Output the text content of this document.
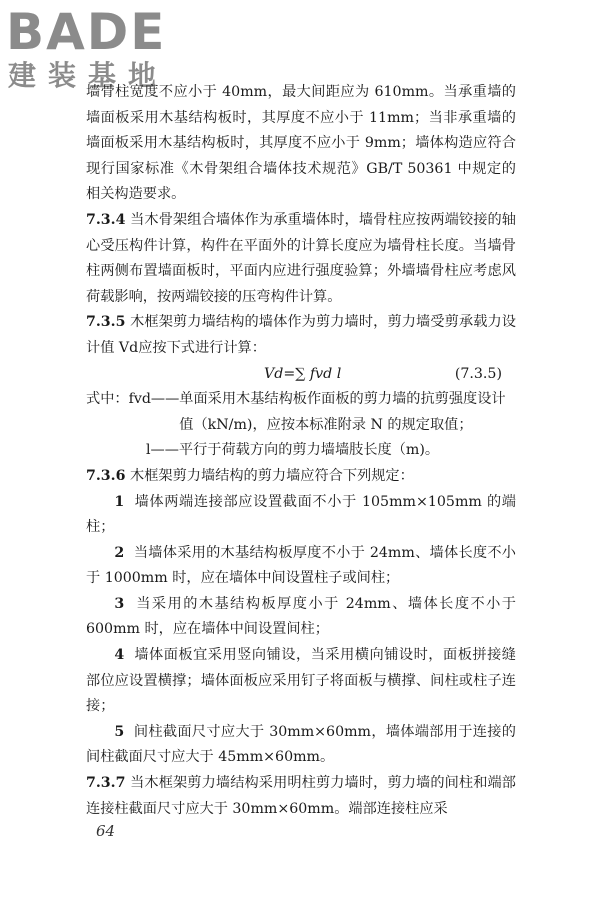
BADE
建装基地

墙骨柱宽度不应小于 40mm，最大间距应为 610mm。当承重墙的墙面板采用木基结构板时，其厚度不应小于 11mm；当非承重墙的墙面板采用木基结构板时，其厚度不应小于 9mm；墙体构造应符合现行国家标准《木骨架组合墙体技术规范》GB/T 50361 中规定的相关构造要求。

7.3.4 当木骨架组合墙体作为承重墙体时，墙骨柱应按两端铰接的轴心受压构件计算，构件在平面外的计算长度应为墙骨柱长度。当墙骨柱两侧布置墙面板时，平面内应进行强度验算；外墙墙骨柱应考虑风荷载影响，按两端铰接的压弯构件计算。

7.3.5 木框架剪力墙结构的墙体作为剪力墙时，剪力墙受剪承载力设计值 Vd应按下式进行计算：

Vd=∑ fvd l	(7.3.5)
式中：fvd—— 单面采用木基结构板作面板的剪力墙的抗剪强度设计值（kN/m)，应按本标准附录 N 的规定取值；
l——平行于荷载方向的剪力墙墙肢长度（m)。

7.3.6 木框架剪力墙结构的剪力墙应符合下列规定：

1 墙体两端连接部应设置截面不小于 105mm×105mm 的端柱；

2 当墙体采用的木基结构板厚度不小于 24mm、墙体长度不小于 1000mm 时，应在墙体中间设置柱子或间柱；

3 当采用的木基结构板厚度小于 24mm、墙体长度不小于 600mm 时，应在墙体中间设置间柱；

4 墙体面板宜采用竖向铺设，当采用横向铺设时，面板拼接缝部位应设置横撑；墙体面板应采用钉子将面板与横撑、间柱或柱子连接；

5 间柱截面尺寸应大于 30mm×60mm，墙体端部用于连接的间柱截面尺寸应大于 45mm×60mm。

7.3.7 当木框架剪力墙结构采用明柱剪力墙时，剪力墙的间柱和端部连接柱截面尺寸应大于 30mm×60mm。端部连接柱应采

64
